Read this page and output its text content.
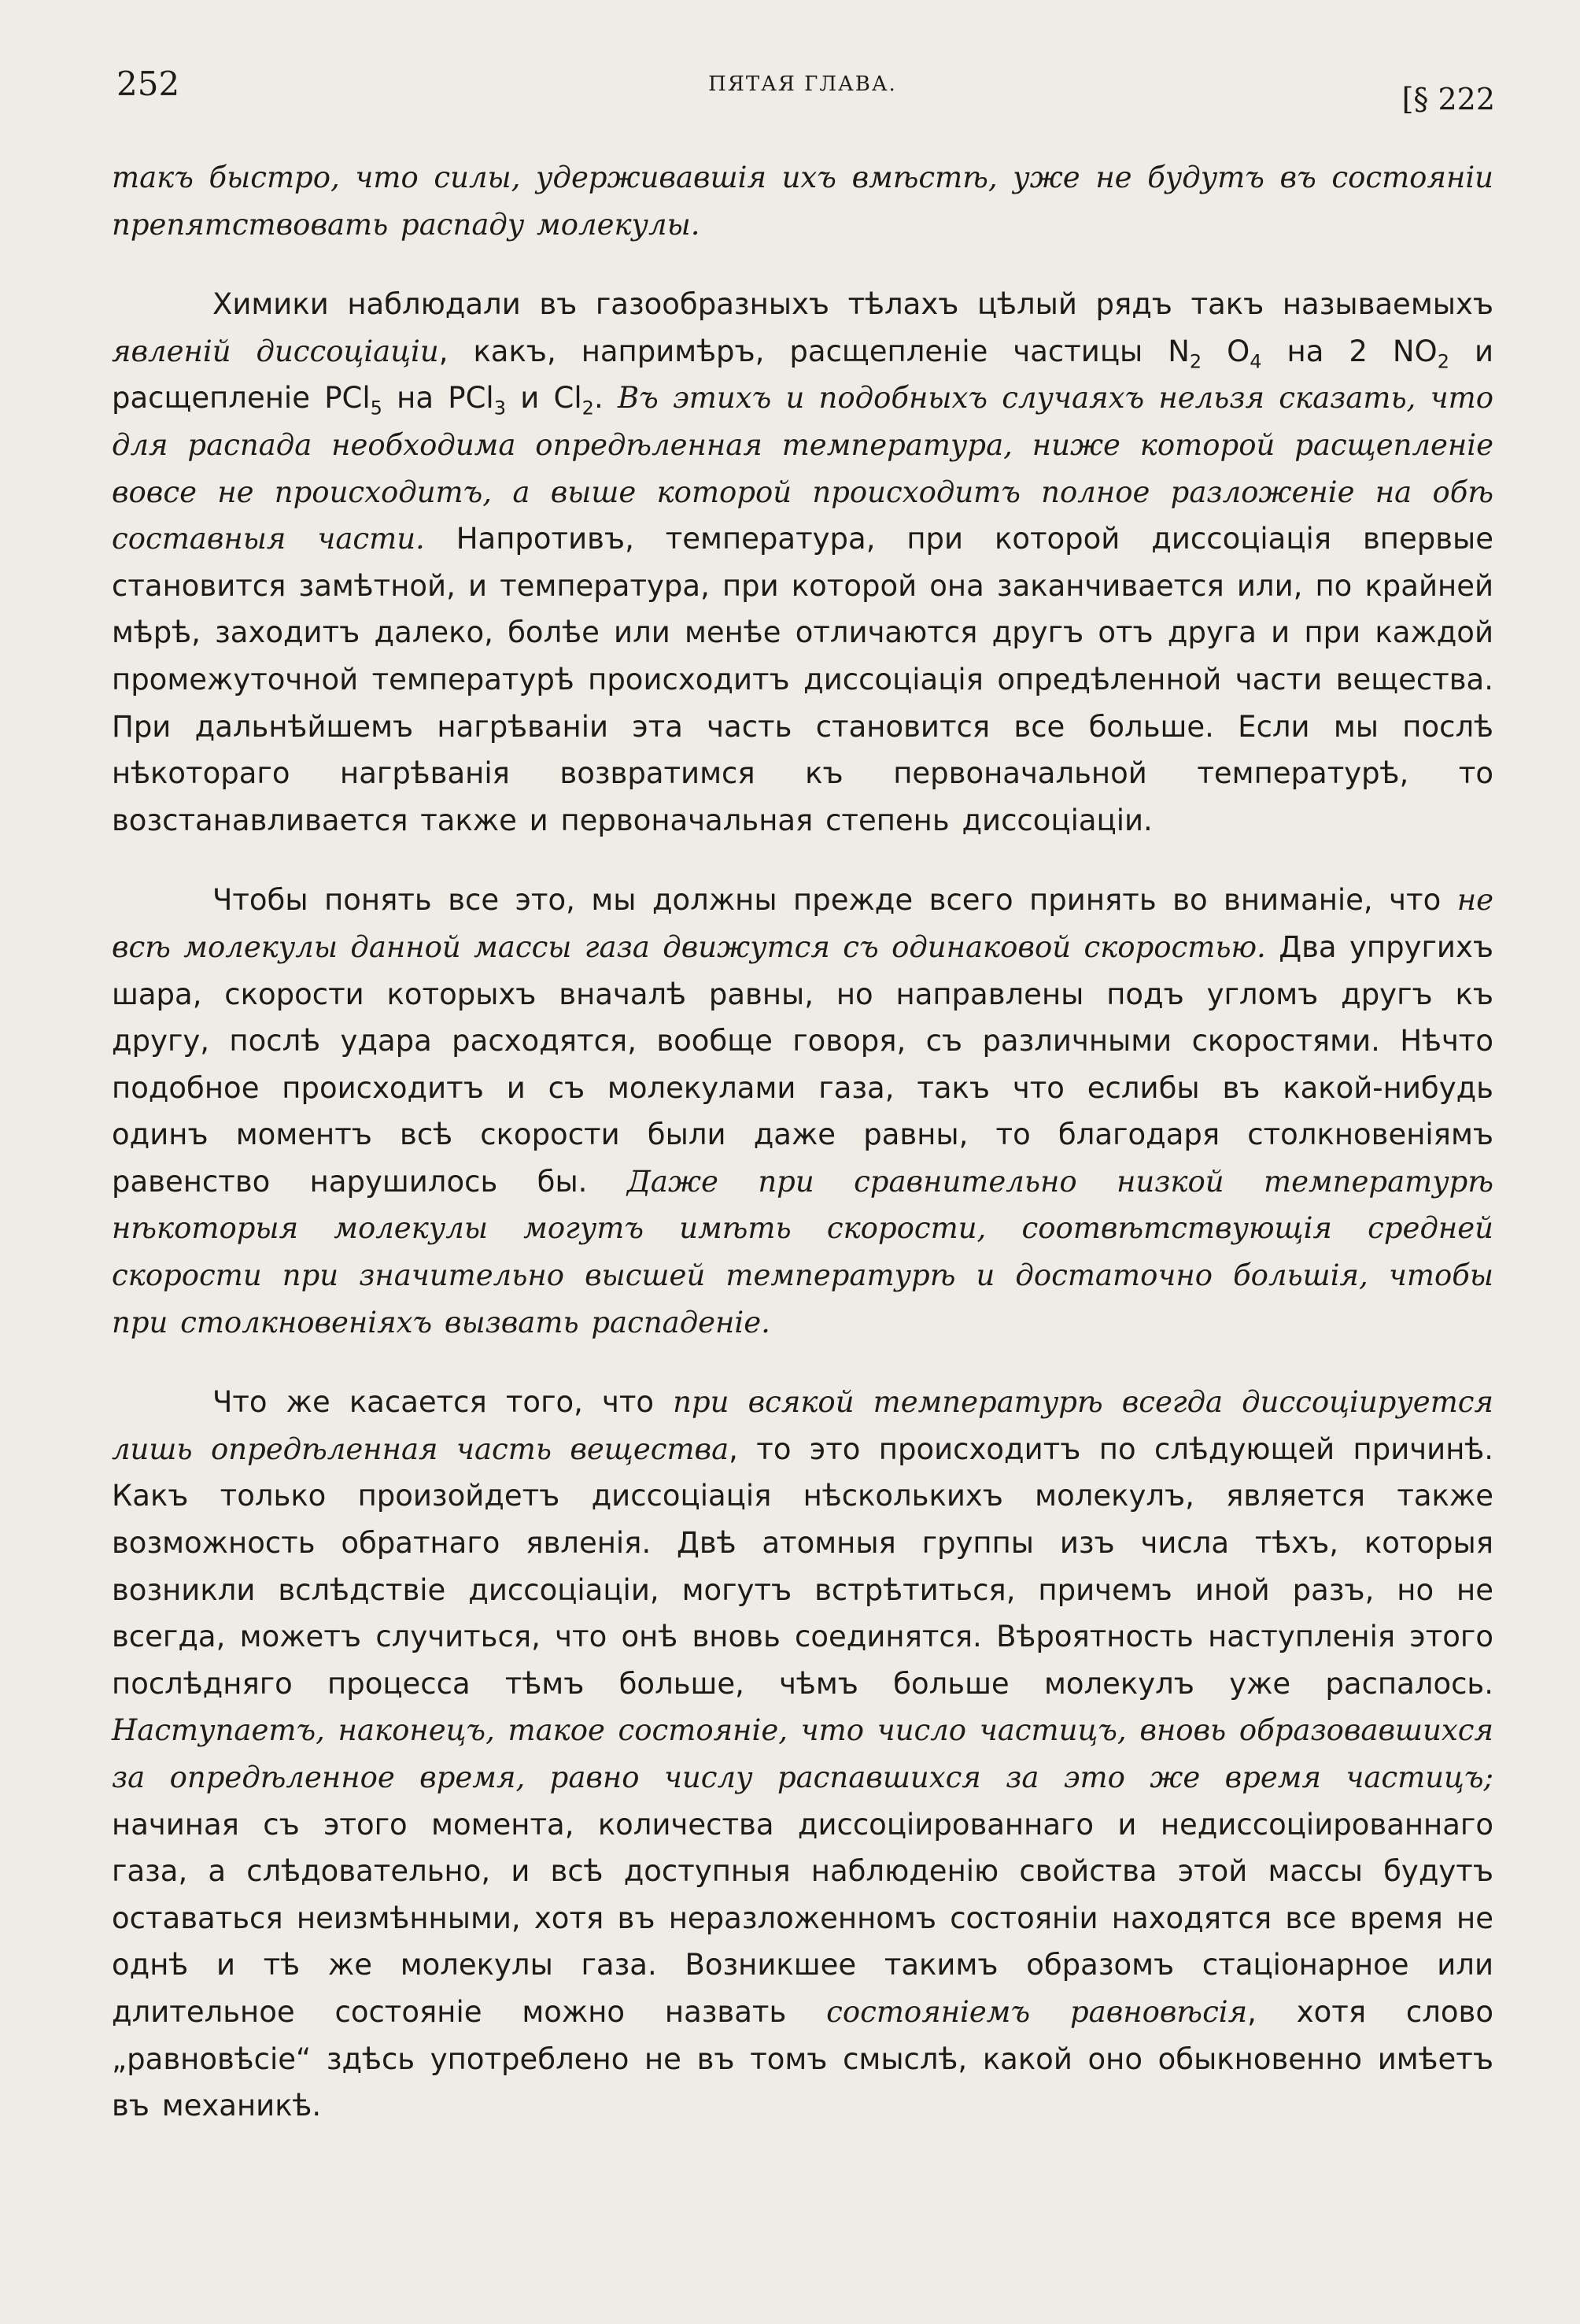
252	ПЯТАЯ ГЛАВА.	[§ 222

такъ быстро, что силы, удерживавшія ихъ вмѣстѣ, уже не будутъ въ состояніи препятствовать распаду молекулы.

Химики наблюдали въ газообразныхъ тѣлахъ цѣлый рядъ такъ называемыхъ явленій диссоціаціи, какъ, напримѣръ, расщепленіе частицы $N_2$ $O_4$ на 2 $NO_2$ и расщепленіе PCl$_5$ на PCl$_3$ и $Cl_2$. Въ этихъ и подобныхъ случаяхъ нельзя сказать, что для распада необходима опредѣленная температура, ниже которой расщепленіе вовсе не происходитъ, а выше которой происходитъ полное разложеніе на обѣ составныя части. Напротивъ, температура, при которой диссоціація впервые становится замѣтной, и температура, при которой она заканчивается или, по крайней мѣрѣ, заходитъ далеко, болѣе или менѣе отличаются другъ отъ друга и при каждой промежуточной температурѣ происходитъ диссоціація опредѣленной части вещества. При дальнѣйшемъ нагрѣваніи эта часть становится все больше. Если мы послѣ нѣкотораго нагрѣванія возвратимся къ первоначальной температурѣ, то возстанавливается также и первоначальная степень диссоціаціи.

Чтобы понять все это, мы должны прежде всего принять во вниманіе, что не всѣ молекулы данной массы газа движутся съ одинаковой скоростью. Два упругихъ шара, скорости которыхъ вначалѣ равны, но направлены подъ угломъ другъ къ другу, послѣ удара расходятся, вообще говоря, съ различными скоростями. Нѣчто подобное происходитъ и съ молекулами газа, такъ что еслибы въ какой-нибудь одинъ моментъ всѣ скорости были даже равны, то благодаря столкновеніямъ равенство нарушилось бы. Даже при сравнительно низкой температурѣ нѣкоторыя молекулы могутъ имѣть скорости, соотвѣтствующія средней скорости при значительно высшей температурѣ и достаточно большія, чтобы при столкновеніяхъ вызвать распаденіе.

Что же касается того, что при всякой температурѣ всегда диссоціируется лишь опредѣленная часть вещества, то это происходитъ по слѣдующей причинѣ. Какъ только произойдетъ диссоціація нѣсколькихъ молекулъ, является также возможность обратнаго явленія. Двѣ атомныя группы изъ числа тѣхъ, которыя возникли вслѣдствіе диссоціаціи, могутъ встрѣтиться, причемъ иной разъ, но не всегда, можетъ случиться, что онѣ вновь соединятся. Вѣроятность наступленія этого послѣдняго процесса тѣмъ больше, чѣмъ больше молекулъ уже распалось. Наступаетъ, наконецъ, такое состояніе, что число частицъ, вновь образовавшихся за опредѣленное время, равно числу распавшихся за это же время частицъ; начиная съ этого момента, количества диссоціированнаго и недиссоціированнаго газа, а слѣдовательно, и всѣ доступныя наблюденію свойства этой массы будутъ оставаться неизмѣнными, хотя въ неразложенномъ состояніи находятся все время не однѣ и тѣ же молекулы газа. Возникшее такимъ образомъ стаціонарное или длительное состояніе можно назвать состояніемъ равновѣсія, хотя слово „равновѣсіе“ здѣсь употреблено не въ томъ смыслѣ, какой оно обыкновенно имѣетъ въ механикѣ.
